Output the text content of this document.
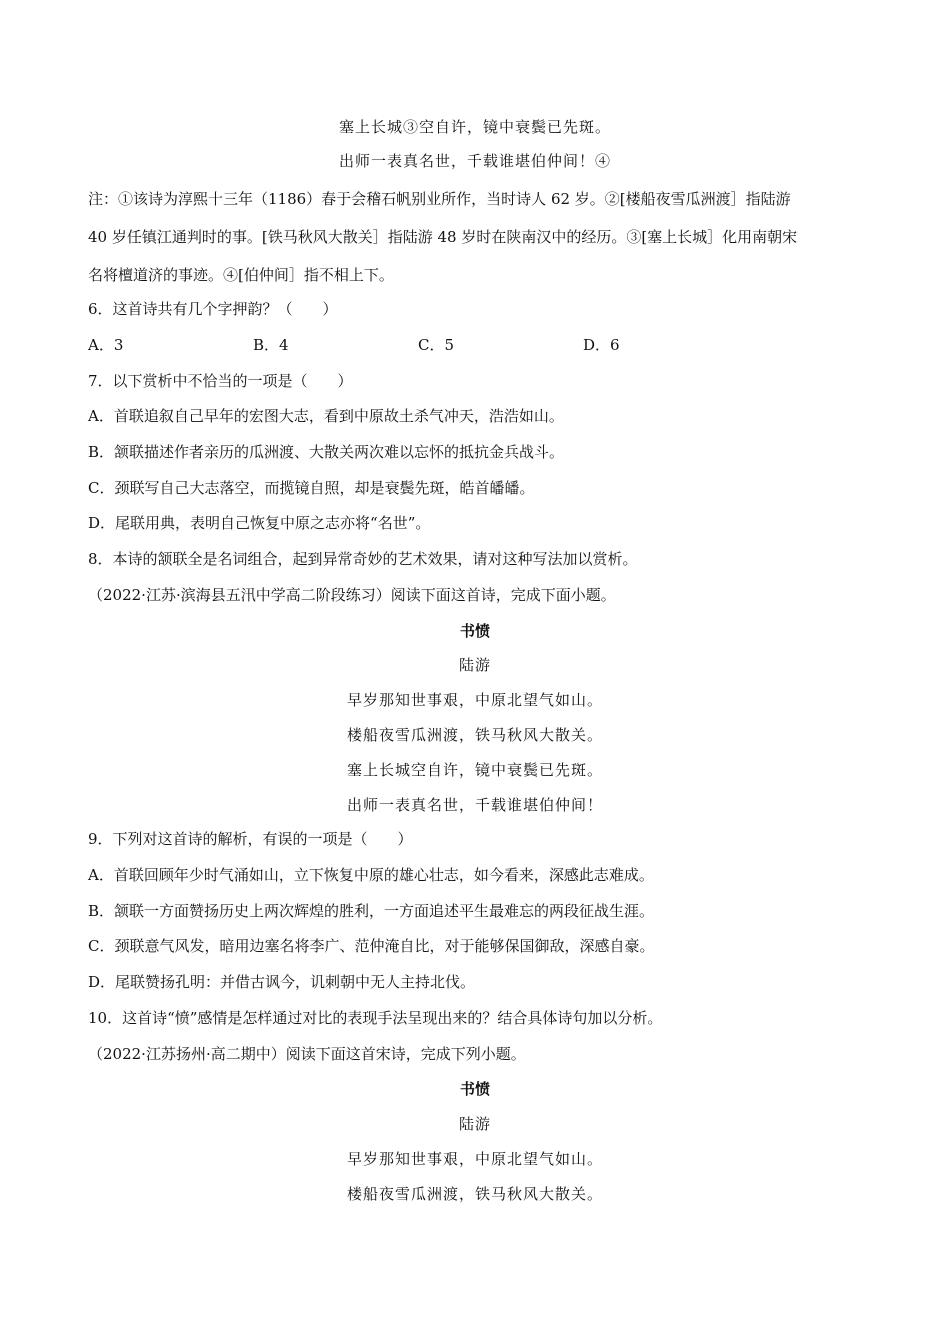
塞上长城③空自许，镜中衰鬓已先斑。
出师一表真名世，千载谁堪伯仲间！④
注：①该诗为淳熙十三年（1186）春于会稽石帆别业所作，当时诗人 62 岁。②[楼船夜雪瓜洲渡］指陆游
40 岁任镇江通判时的事。[铁马秋风大散关］指陆游 48 岁时在陕南汉中的经历。③[塞上长城］化用南朝宋
名将檀道济的事迹。④[伯仲间］指不相上下。
6．这首诗共有几个字押韵？（　　）
A．3	B．4	C．5	D．6
7．以下赏析中不恰当的一项是（　　）
A．首联追叙自己早年的宏图大志，看到中原故土杀气冲天，浩浩如山。
B．颔联描述作者亲历的瓜洲渡、大散关两次难以忘怀的抵抗金兵战斗。
C．颈联写自己大志落空，而揽镜自照，却是衰鬓先斑，皓首皤皤。
D．尾联用典，表明自己恢复中原之志亦将“名世”。
8．本诗的颔联全是名词组合，起到异常奇妙的艺术效果，请对这种写法加以赏析。
（2022·江苏·滨海县五汛中学高二阶段练习）阅读下面这首诗，完成下面小题。
书愤
陆游
早岁那知世事艰，中原北望气如山。
楼船夜雪瓜洲渡，铁马秋风大散关。
塞上长城空自许，镜中衰鬓已先斑。
出师一表真名世，千载谁堪伯仲间！
9．下列对这首诗的解析，有误的一项是（　　）
A．首联回顾年少时气涌如山，立下恢复中原的雄心壮志，如今看来，深感此志难成。
B．颔联一方面赞扬历史上两次辉煌的胜利，一方面追述平生最难忘的两段征战生涯。
C．颈联意气风发，暗用边塞名将李广、范仲淹自比，对于能够保国御敌，深感自豪。
D．尾联赞扬孔明：并借古讽今，讥刺朝中无人主持北伐。
10．这首诗“愤”感情是怎样通过对比的表现手法呈现出来的？结合具体诗句加以分析。
（2022·江苏扬州·高二期中）阅读下面这首宋诗，完成下列小题。
书愤
陆游
早岁那知世事艰，中原北望气如山。
楼船夜雪瓜洲渡，铁马秋风大散关。
